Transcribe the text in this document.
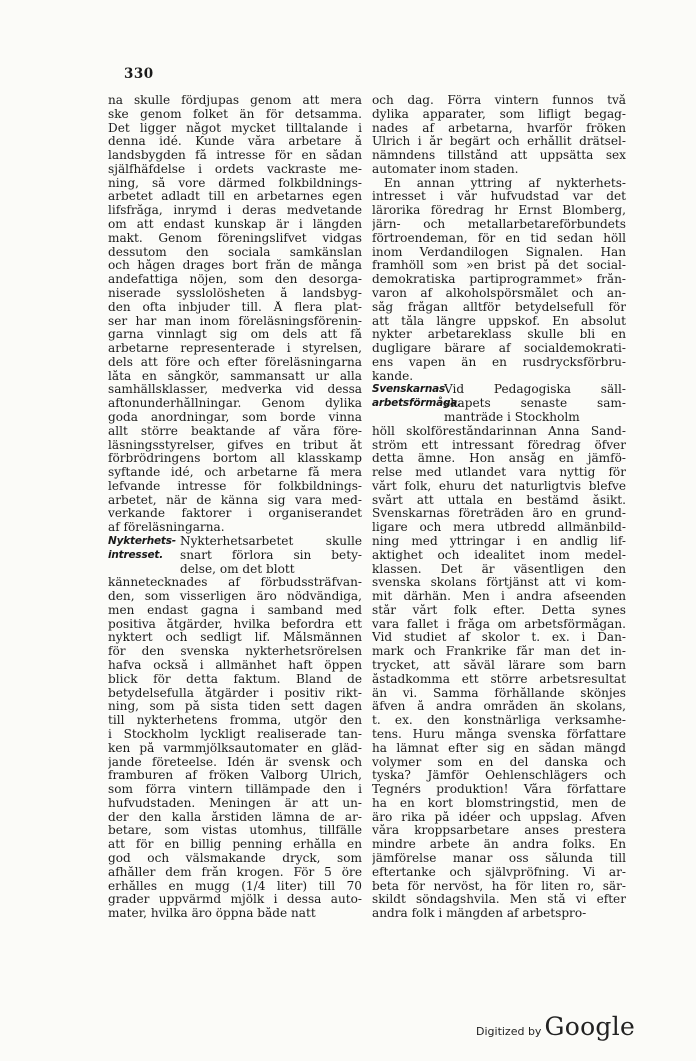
330
na skulle fördjupas genom att mera
ske genom folket än för detsamma.
Det ligger något mycket tilltalande i
denna idé. Kunde våra arbetare å
landsbygden få intresse för en sådan
själfhäfdelse i ordets vackraste me-
ning, så vore därmed folkbildnings-
arbetet adladt till en arbetarnes egen
lifsfråga, inrymd i deras medvetande
om att endast kunskap är i längden
makt. Genom föreningslifvet vidgas
dessutom den sociala samkänslan
och hågen drages bort från de många
andefattiga nöjen, som den desorga-
niserade sysslolösheten å landsbyg-
den ofta inbjuder till. Å flera plat-
ser har man inom föreläsningsförenin-
garna vinnlagt sig om dels att få
arbetarne representerade i styrelsen,
dels att före och efter föreläsningarna
låta en sångkör, sammansatt ur alla
samhällsklasser, medverka vid dessa
aftonunderhållningar. Genom dylika
goda anordningar, som borde vinna
allt större beaktande af våra före-
läsningsstyrelser, gifves en tribut åt
förbrödringens bortom all klasskamp
syftande idé, och arbetarne få mera
lefvande intresse för folkbildnings-
arbetet, när de känna sig vara med-
verkande faktorer i organiserandet
af föreläsningarna.
Nykterhets-
intresset.
Nykterhetsarbetet skulle
snart förlora sin bety-
delse, om det blott
kännetecknades af förbudssträfvan-
den, som visserligen äro nödvändiga,
men endast gagna i samband med
positiva åtgärder, hvilka befordra ett
nyktert och sedligt lif. Målsmännen
för den svenska nykterhetsrörelsen
hafva också i allmänhet haft öppen
blick för detta faktum. Bland de
betydelsefulla åtgärder i positiv rikt-
ning, som på sista tiden sett dagen
till nykterhetens fromma, utgör den
i Stockholm lyckligt realiserade tan-
ken på varmmjölksautomater en gläd-
jande företeelse. Idén är svensk och
framburen af fröken Valborg Ulrich,
som förra vintern tillämpade den i
hufvudstaden. Meningen är att un-
der den kalla årstiden lämna de ar-
betare, som vistas utomhus, tillfälle
att för en billig penning erhålla en
god och välsmakande dryck, som
afhåller dem från krogen. För 5 öre
erhålles en mugg (1/4 liter) till 70
grader uppvärmd mjölk i dessa auto-
mater, hvilka äro öppna både natt
och dag. Förra vintern funnos två
dylika apparater, som lifligt begag-
nades af arbetarna, hvarför fröken
Ulrich i år begärt och erhållit drätsel-
nämndens tillstånd att uppsätta sex
automater inom staden.
En annan yttring af nykterhets-
intresset i vår hufvudstad var det
lärorika föredrag hr Ernst Blomberg,
järn- och metallarbetareförbundets
förtroendeman, för en tid sedan höll
inom Verdandilogen Signalen. Han
framhöll som »en brist på det social-
demokratiska partiprogrammet» från-
varon af alkoholspörsmålet och an-
såg frågan alltför betydelsefull för
att tåla längre uppskof. En absolut
nykter arbetareklass skulle bli en
dugligare bärare af socialdemokrati-
ens vapen än en rusdrycksförbru-
kande.
Svenskarnas
arbetsförmåga.
Vid Pedagogiska säll-
skapets senaste sam-
manträde i Stockholm
höll skolföreståndarinnan Anna Sand-
ström ett intressant föredrag öfver
detta ämne. Hon ansåg en jämfö-
relse med utlandet vara nyttig för
vårt folk, ehuru det naturligtvis blefve
svårt att uttala en bestämd åsikt.
Svenskarnas företräden äro en grund-
ligare och mera utbredd allmänbild-
ning med yttringar i en andlig lif-
aktighet och idealitet inom medel-
klassen. Det är väsentligen den
svenska skolans förtjänst att vi kom-
mit därhän. Men i andra afseenden
står vårt folk efter. Detta synes
vara fallet i fråga om arbetsförmågan.
Vid studiet af skolor t. ex. i Dan-
mark och Frankrike får man det in-
trycket, att såväl lärare som barn
åstadkomma ett större arbetsresultat
än vi. Samma förhållande skönjes
äfven å andra områden än skolans,
t. ex. den konstnärliga verksamhe-
tens. Huru många svenska författare
ha lämnat efter sig en sådan mängd
volymer som en del danska och
tyska? Jämför Oehlenschlägers och
Tegnérs produktion! Våra författare
ha en kort blomstringstid, men de
äro rika på idéer och uppslag. Äfven
våra kroppsarbetare anses prestera
mindre arbete än andra folks. En
jämförelse manar oss sålunda till
eftertanke och självpröfning. Vi ar-
beta för nervöst, ha för liten ro, sär-
skildt söndagshvila. Men stå vi efter
andra folk i mängden af arbetspro-
Digitized by Google
